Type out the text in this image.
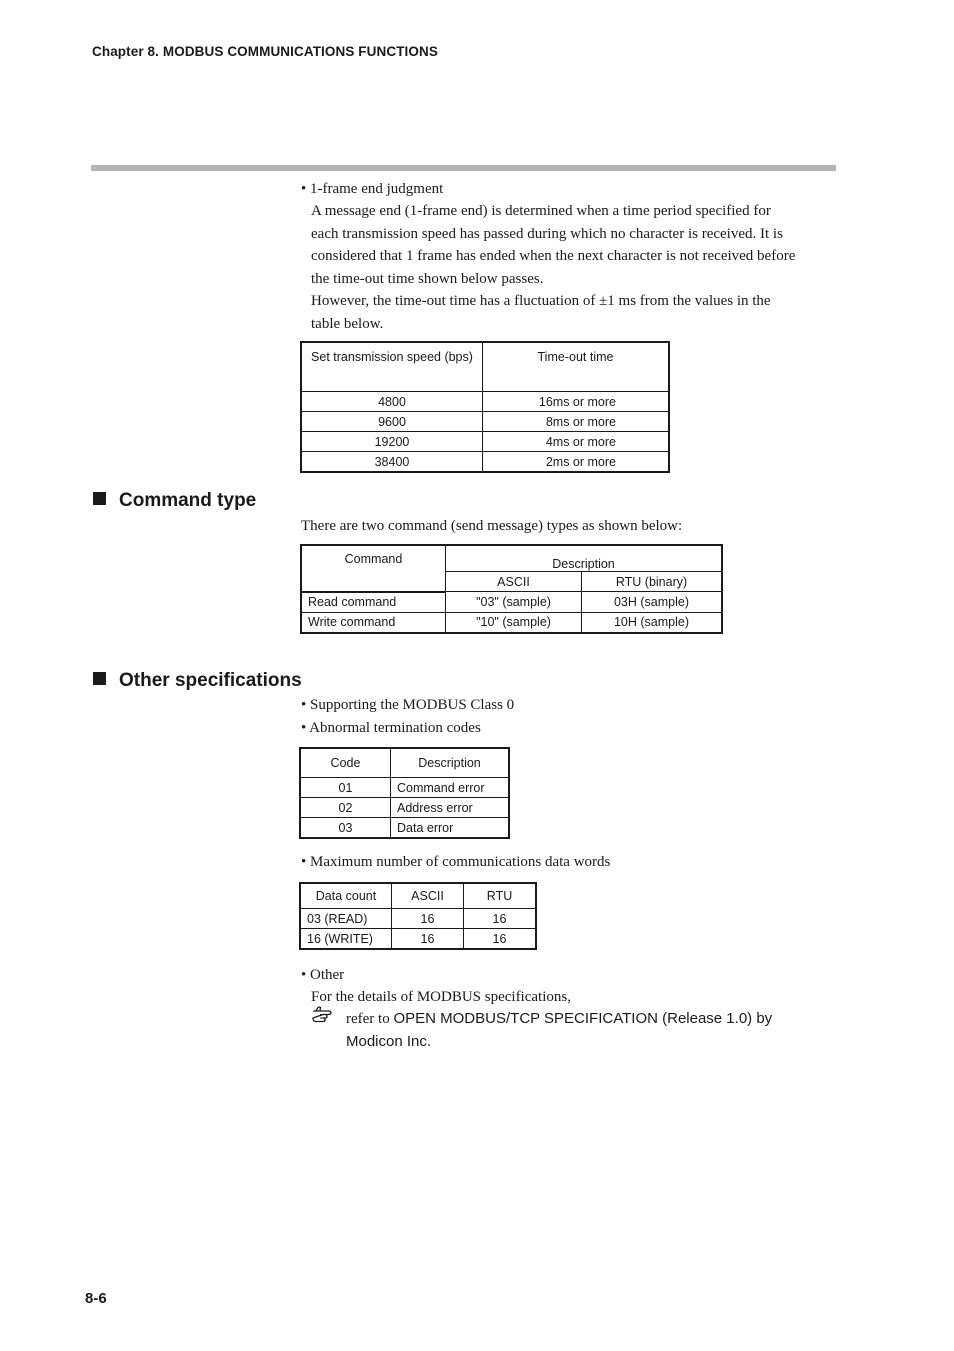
Chapter 8. MODBUS COMMUNICATIONS FUNCTIONS
• 1-frame end judgment
A message end (1-frame end) is determined when a time period specified for
each transmission speed has passed during which no character is received. It is
considered that 1 frame has ended when the next character is not received before
the time-out time shown below passes.
However, the time-out time has a fluctuation of ±1 ms from the values in the
table below.
Set transmission speed (bps)	Time-out time
4800	16ms or more
9600	8ms or more
19200	4ms or more
38400	2ms or more
Command type
There are two command (send message) types as shown below:
Command	Description	
	ASCII	RTU (binary)
Read command	"03" (sample)	03H (sample)
Write command	"10" (sample)	10H (sample)
Other specifications
• Supporting the MODBUS Class 0
• Abnormal termination codes
Code	Description
01	Command error
02	Address error
03	Data error
• Maximum number of communications data words
Data count	ASCII	RTU
03 (READ)	16	16
16 (WRITE)	16	16
• Other
For the details of MODBUS specifications,
refer to OPEN MODBUS/TCP SPECIFICATION (Release 1.0) by
Modicon Inc.
8-6
